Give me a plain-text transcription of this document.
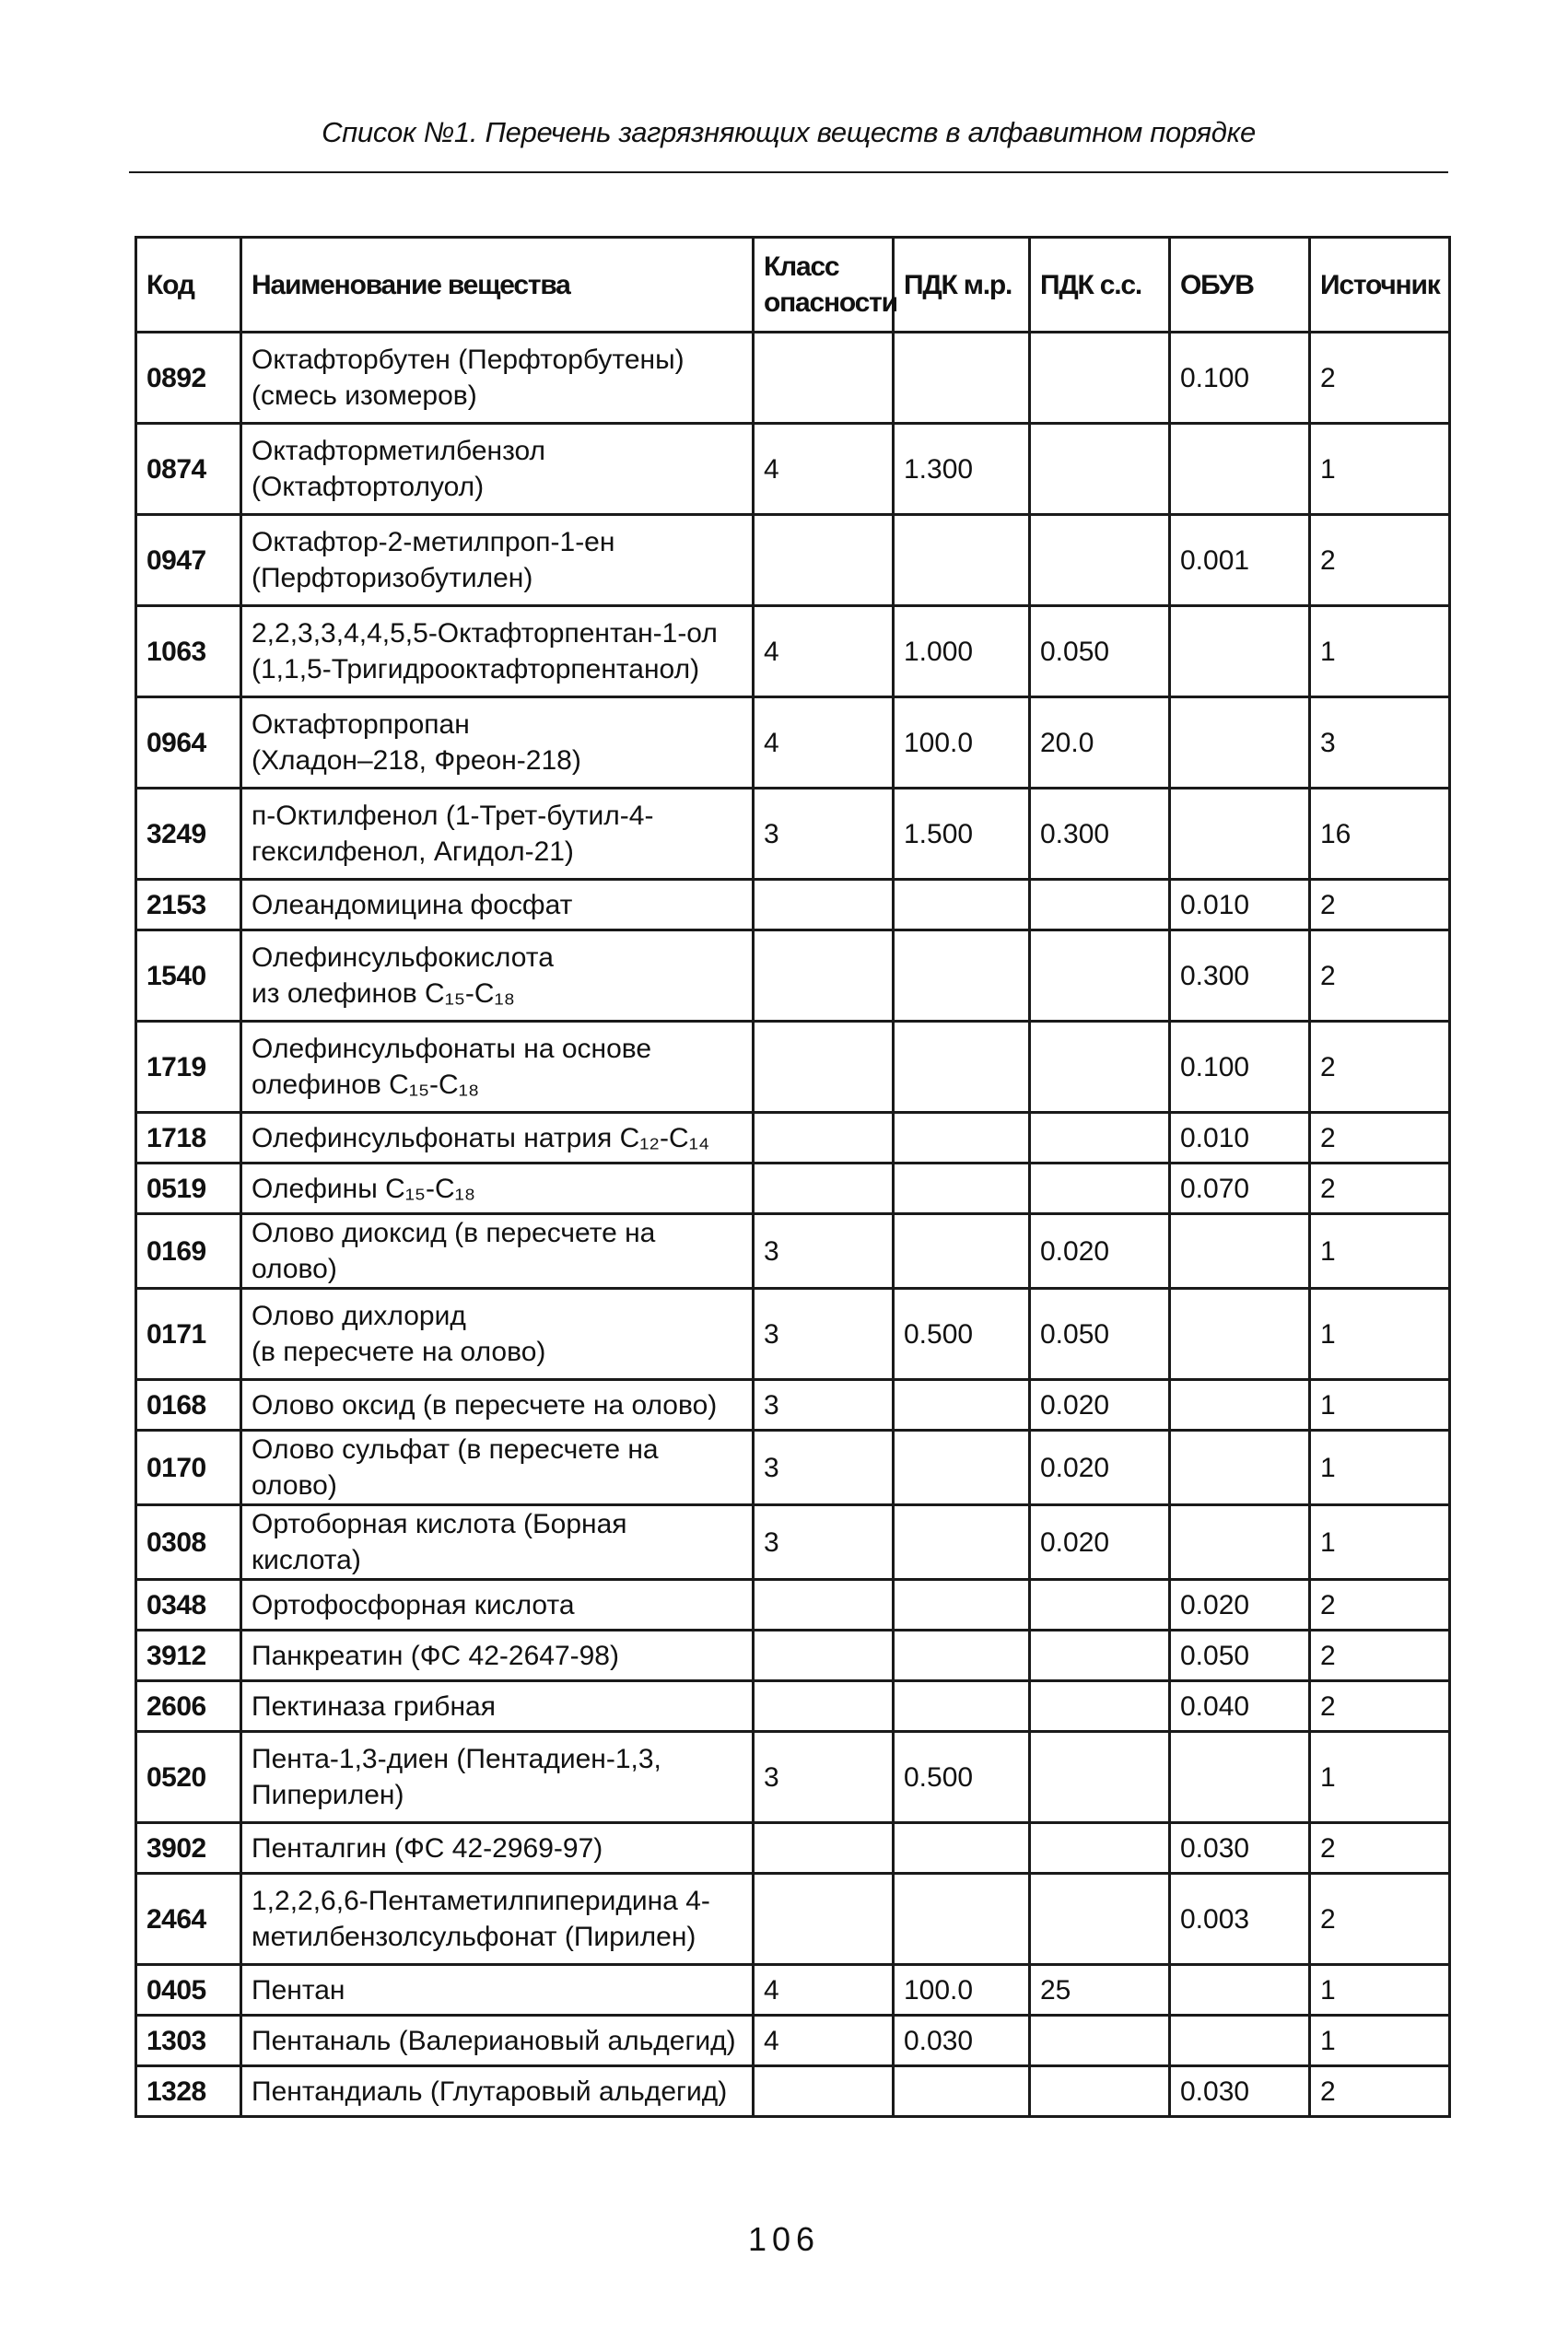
Список №1. Перечень загрязняющих веществ в алфавитном порядке
Код	Наименование вещества	Класс
опасности	ПДК м.р.	ПДК с.с.	ОБУВ	Источник
0892	Октафторбутен (Перфторбутены)
(смесь изомеров)				0.100	2
0874	Октафторметилбензол
(Октафтортолуол)	4	1.300			1
0947	Октафтор-2-метилпроп-1-ен
(Перфторизобутилен)				0.001	2
1063	2,2,3,3,4,4,5,5-Октафторпентан-1-ол
(1,1,5-Тригидрооктафторпентанол)	4	1.000	0.050		1
0964	Октафторпропан
(Хладон–218, Фреон-218)	4	100.0	20.0		3
3249	п-Октилфенол (1-Трет-бутил-4-
гексилфенол, Агидол-21)	3	1.500	0.300		16
2153	Олеандомицина фосфат				0.010	2
1540	Олефинсульфокислота
из олефинов C₁₅-C₁₈				0.300	2
1719	Олефинсульфонаты на основе
олефинов C₁₅-C₁₈				0.100	2
1718	Олефинсульфонаты натрия C₁₂-C₁₄				0.010	2
0519	Олефины C₁₅-C₁₈				0.070	2
0169	Олово диоксид (в пересчете на олово)	3		0.020		1
0171	Олово дихлорид
(в пересчете на олово)	3	0.500	0.050		1
0168	Олово оксид (в пересчете на олово)	3		0.020		1
0170	Олово сульфат (в пересчете на олово)	3		0.020		1
0308	Ортоборная кислота (Борная кислота)	3		0.020		1
0348	Ортофосфорная кислота				0.020	2
3912	Панкреатин (ФС 42-2647-98)				0.050	2
2606	Пектиназа грибная				0.040	2
0520	Пента-1,3-диен (Пентадиен-1,3,
Пиперилен)	3	0.500			1
3902	Пенталгин (ФС 42-2969-97)				0.030	2
2464	1,2,2,6,6-Пентаметилпиперидина 4-
метилбензолсульфонат (Пирилен)				0.003	2
0405	Пентан	4	100.0	25		1
1303	Пентаналь (Валериановый альдегид)	4	0.030			1
1328	Пентандиаль (Глутаровый альдегид)				0.030	2
106
